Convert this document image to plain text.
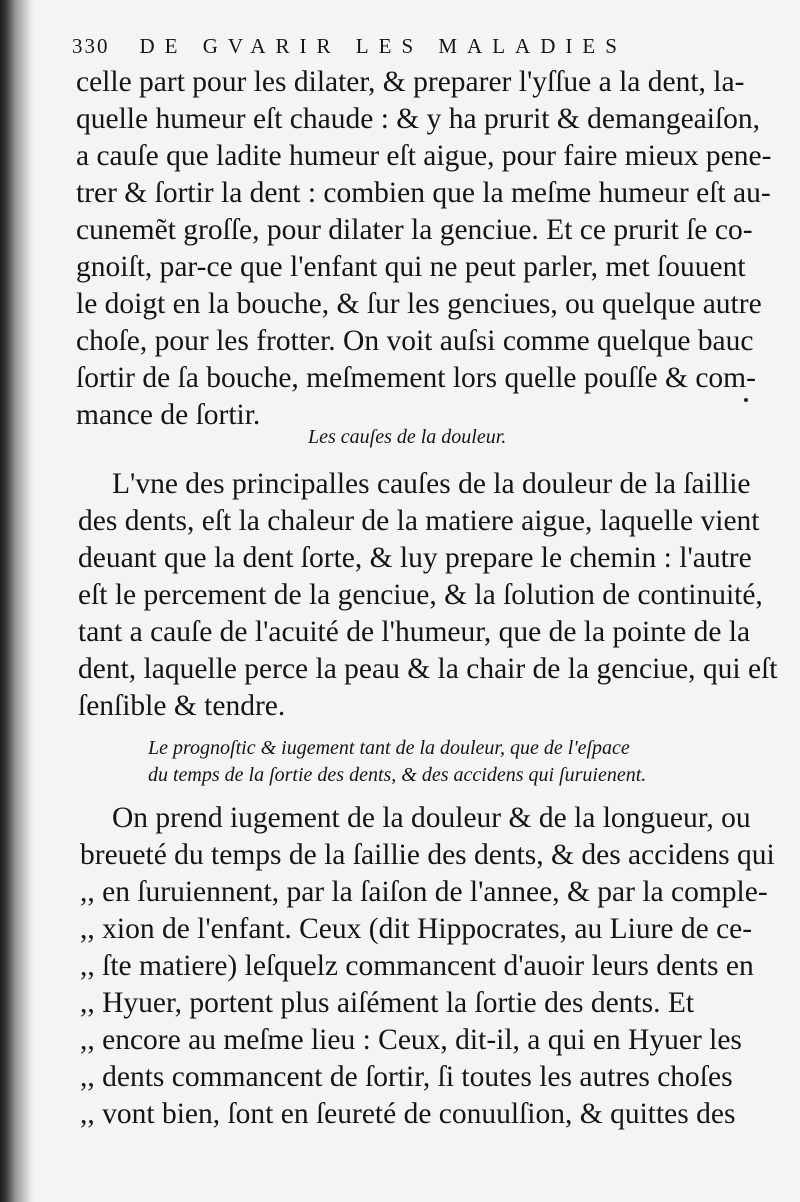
330 DE GVARIR LES MALADIES
celle part pour les dilater, & preparer l'yſſue a la dent, la-
quelle humeur eſt chaude : & y ha prurit & demangeaiſon,
a cauſe que ladite humeur eſt aigue, pour faire mieux pene-
trer & ſortir la dent : combien que la meſme humeur eſt au-
cunemẽt groſſe, pour dilater la genciue. Et ce prurit ſe co-
gnoiſt, par-ce que l'enfant qui ne peut parler, met ſouuent
le doigt en la bouche, & ſur les genciues, ou quelque autre
choſe, pour les frotter. On voit auſsi comme quelque bauc
ſortir de ſa bouche, meſmement lors quelle pouſſe & com-
mance de ſortir.
Les cauſes de la douleur.
L'vne des principalles cauſes de la douleur de la ſaillie
des dents, eſt la chaleur de la matiere aigue, laquelle vient
deuant que la dent ſorte, & luy prepare le chemin : l'autre
eſt le percement de la genciue, & la ſolution de continuité,
tant a cauſe de l'acuité de l'humeur, que de la pointe de la
dent, laquelle perce la peau & la chair de la genciue, qui eſt
ſenſible & tendre.
Le prognoſtic & iugement tant de la douleur, que de l'eſpace
du temps de la ſortie des dents, & des accidens qui ſuruienent.
On prend iugement de la douleur & de la longueur, ou
breueté du temps de la ſaillie des dents, & des accidens qui
,, en ſuruiennent, par la ſaiſon de l'annee, & par la comple-
,, xion de l'enfant. Ceux (dit Hippocrates, au Liure de ce-
,, ſte matiere) leſquelz commancent d'auoir leurs dents en
,, Hyuer, portent plus aiſément la ſortie des dents. Et
,, encore au meſme lieu : Ceux, dit-il, a qui en Hyuer les
,, dents commancent de ſortir, ſi toutes les autres choſes
,, vont bien, ſont en ſeureté de conuulſion, & quittes des
